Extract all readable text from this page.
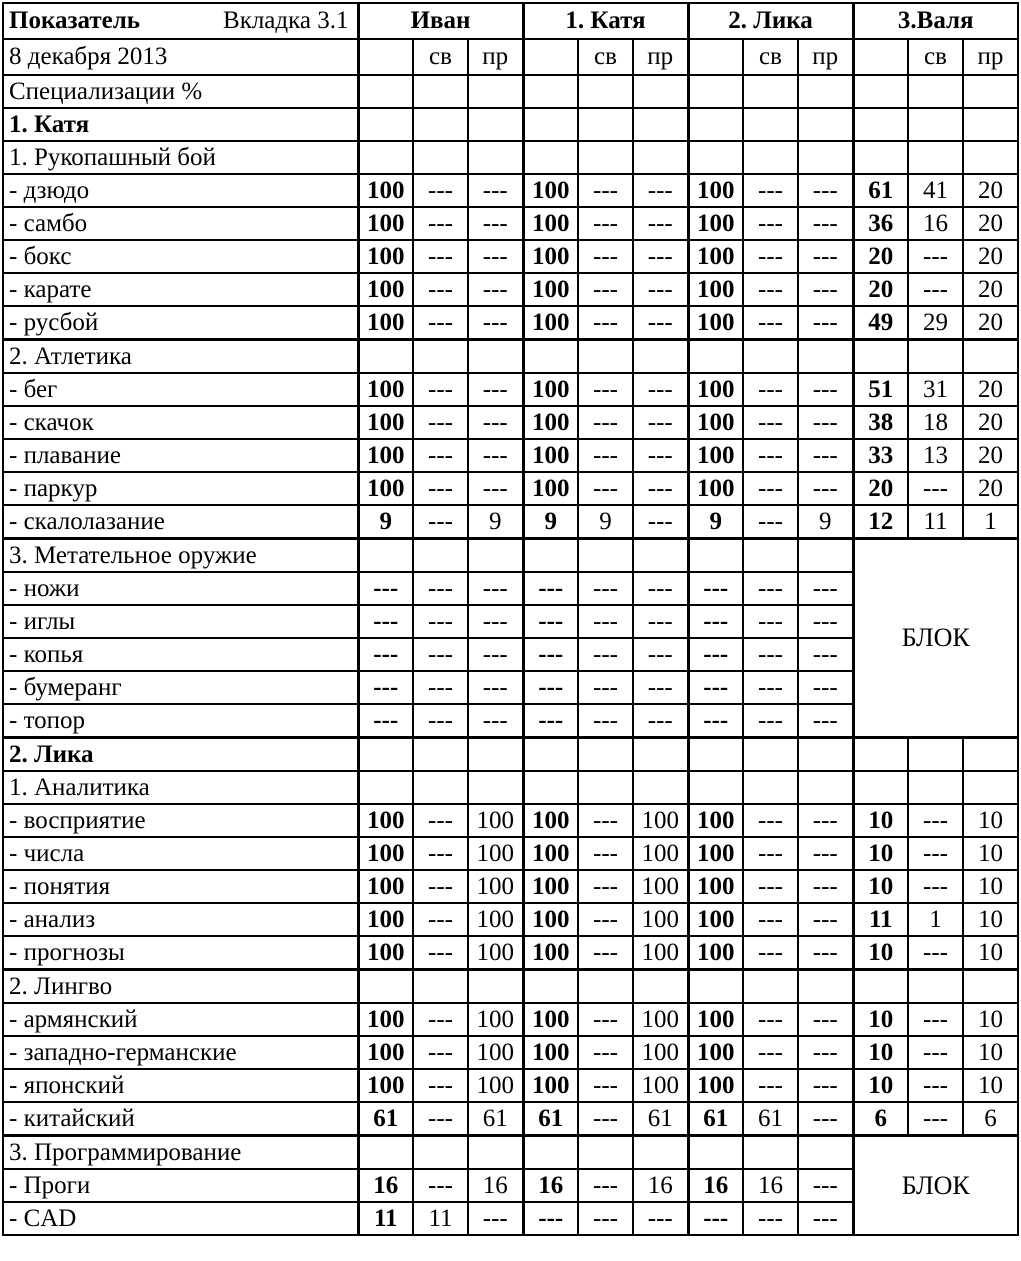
Показатель Вкладка 3.1	Иван			1. Катя			2. Лика			3.Валя		
8 декабря 2013		св	пр		св	пр		св	пр		св	пр
Специализации %												
1. Катя												
1. Рукопашный бой												
- дзюдо	100	---	---	100	---	---	100	---	---	61	41	20
- самбо	100	---	---	100	---	---	100	---	---	36	16	20
- бокс	100	---	---	100	---	---	100	---	---	20	---	20
- карате	100	---	---	100	---	---	100	---	---	20	---	20
- русбой	100	---	---	100	---	---	100	---	---	49	29	20
2. Атлетика												
- бег	100	---	---	100	---	---	100	---	---	51	31	20
- скачок	100	---	---	100	---	---	100	---	---	38	18	20
- плавание	100	---	---	100	---	---	100	---	---	33	13	20
- паркур	100	---	---	100	---	---	100	---	---	20	---	20
- скалолазание	9	---	9	9	9	---	9	---	9	12	11	1
3. Метательное оружие										БЛОК		
- ножи	---	---	---	---	---	---	---	---	---			
- иглы	---	---	---	---	---	---	---	---	---			
- копья	---	---	---	---	---	---	---	---	---			
- бумеранг	---	---	---	---	---	---	---	---	---			
- топор	---	---	---	---	---	---	---	---	---			
2. Лика												
1. Аналитика												
- восприятие	100	---	100	100	---	100	100	---	---	10	---	10
- числа	100	---	100	100	---	100	100	---	---	10	---	10
- понятия	100	---	100	100	---	100	100	---	---	10	---	10
- анализ	100	---	100	100	---	100	100	---	---	11	1	10
- прогнозы	100	---	100	100	---	100	100	---	---	10	---	10
2. Лингво												
- армянский	100	---	100	100	---	100	100	---	---	10	---	10
- западно-германские	100	---	100	100	---	100	100	---	---	10	---	10
- японский	100	---	100	100	---	100	100	---	---	10	---	10
- китайский	61	---	61	61	---	61	61	61	---	6	---	6
3. Программирование										БЛОК		
- Проги	16	---	16	16	---	16	16	16	---			
- CAD	11	11	---	---	---	---	---	---	---			
